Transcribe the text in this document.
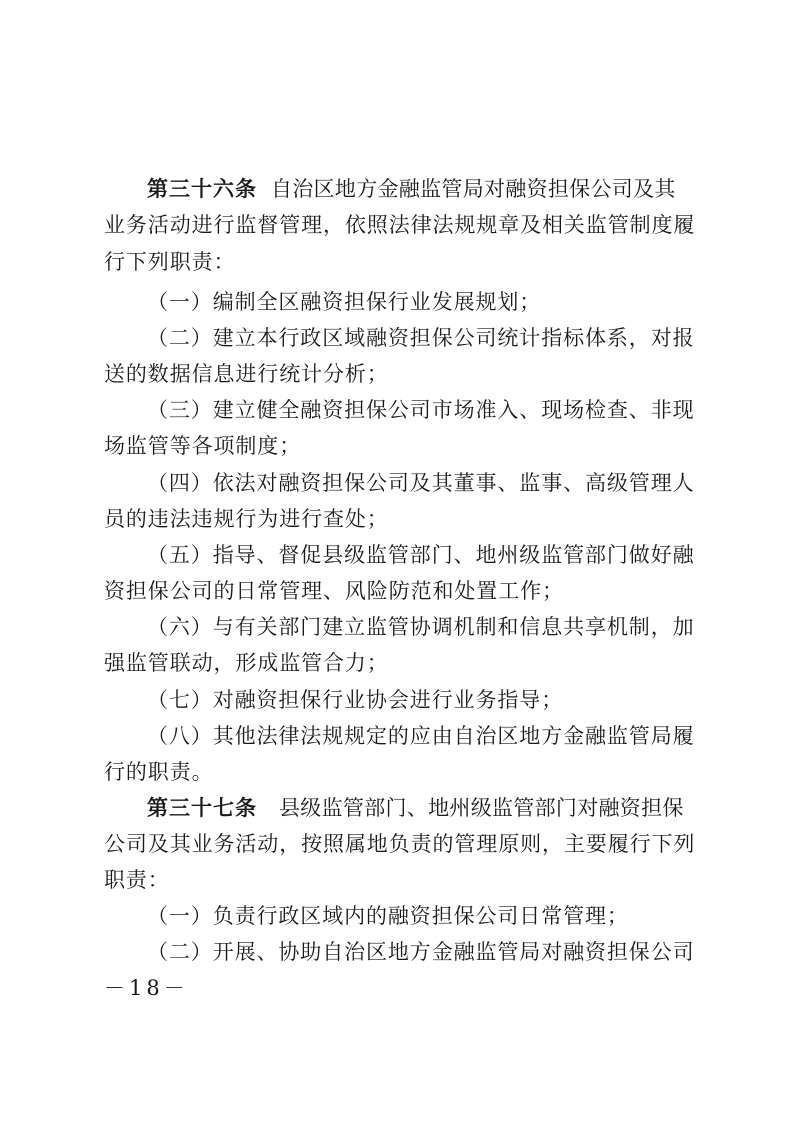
第三十六条 自治区地方金融监管局对融资担保公司及其
业务活动进行监督管理，依照法律法规规章及相关监管制度履
行下列职责：
（一）编制全区融资担保行业发展规划；
（二）建立本行政区域融资担保公司统计指标体系，对报
送的数据信息进行统计分析；
（三）建立健全融资担保公司市场准入、现场检查、非现
场监管等各项制度；
（四）依法对融资担保公司及其董事、监事、高级管理人
员的违法违规行为进行查处；
（五）指导、督促县级监管部门、地州级监管部门做好融
资担保公司的日常管理、风险防范和处置工作；
（六）与有关部门建立监管协调机制和信息共享机制，加
强监管联动，形成监管合力；
（七）对融资担保行业协会进行业务指导；
（八）其他法律法规规定的应由自治区地方金融监管局履
行的职责。
第三十七条 县级监管部门、地州级监管部门对融资担保
公司及其业务活动，按照属地负责的管理原则，主要履行下列
职责：
（一）负责行政区域内的融资担保公司日常管理；
（二）开展、协助自治区地方金融监管局对融资担保公司
－18－
